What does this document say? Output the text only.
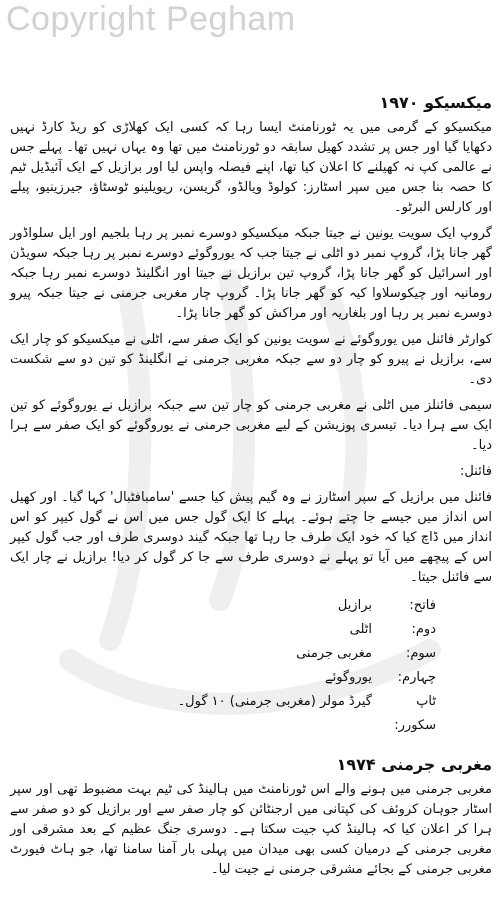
Copyright Pegham
میکسیکو ۱۹۷۰

میکسیکو کے گرمی میں یہ ٹورنامنٹ ایسا رہا کہ کسی ایک کھلاڑی کو ریڈ کارڈ نہیں دکھایا گیا اور جس پر تشدد کھیل سابقہ دو ٹورنامنٹ میں تھا وہ یہاں نہیں تھا۔ پہلے جس نے عالمی کپ نہ کھیلنے کا اعلان کیا تھا، اپنے فیصلہ واپس لیا اور برازیل کے ایک آئیڈیل ٹیم کا حصہ بنا جس میں سپر اسٹارز: کولوڈ ویالڈو، گریسن، ریویلینو ٹوسٹاؤ، جیرزینیو، پیلے اور کارلس البرٹو۔

گروپ ایک سویت یونین نے جیتا جبکہ میکسیکو دوسرے نمبر پر رہا بلجیم اور ایل سلواڈور گھر جانا پڑا، گروپ نمبر دو اٹلی نے جیتا جب کہ یوروگوئے دوسرے نمبر پر رہا جبکہ سویڈن اور اسرائیل کو گھر جانا پڑا، گروپ تین برازیل نے جیتا اور انگلینڈ دوسرے نمبر رہا جبکہ رومانیہ اور چیکوسلاوا کیہ کو گھر جانا پڑا۔ گروپ چار مغربی جرمنی نے جیتا جبکہ پیرو دوسرے نمبر پر رہا اور بلغاریہ اور مراکش کو گھر جانا پڑا۔

کوارٹر فائنل میں یوروگوئے نے سویت یونین کو ایک صفر سے، اٹلی نے میکسیکو کو چار ایک سے، برازیل نے پیرو کو چار دو سے جبکہ مغربی جرمنی نے انگلینڈ کو تین دو سے شکست دی۔

سیمی فائنلز میں اٹلی نے مغربی جرمنی کو چار تین سے جبکہ برازیل نے یوروگوئے کو تین ایک سے ہرا دیا۔ تیسری پوزیشن کے لیے مغربی جرمنی نے یوروگوئے کو ایک صفر سے ہرا دیا۔

فائنل:

فائنل میں برازیل کے سپر اسٹارز نے وہ گیم پیش کیا جسے 'سامبافٹبال' کہا گیا۔ اور کھیل اس انداز میں جیسے جا چتے ہوئے۔ پہلے کا ایک گول جس میں اس نے گول کیپر کو اس انداز میں ڈاچ کیا کہ خود ایک طرف جا رہا تھا جبکہ گیند دوسری طرف اور جب گول کیپر اس کے پیچھے میں آیا تو پہلے نے دوسری طرف سے جا کر گول کر دیا! برازیل نے چار ایک سے فائنل جیتا۔

فاتح:
برازیل
دوم:
اٹلی
سوم:
مغربی جرمنی
چہارم:
یوروگوئے
ٹاپ سکورر:
گیرڈ مولر (مغربی جرمنی) ۱۰ گول۔
مغربی جرمنی ۱۹۷۴

مغربی جرمنی میں ہونے والے اس ٹورنامنٹ میں ہالینڈ کی ٹیم بہت مضبوط تھی اور سپر اسٹار جوہان کروئف کی کپتانی میں ارجنٹائن کو چار صفر سے اور برازیل کو دو صفر سے ہرا کر اعلان کیا کہ ہالینڈ کپ جیت سکتا ہے۔ دوسری جنگ عظیم کے بعد مشرقی اور مغربی جرمنی کے درمیان کسی بھی میدان میں پہلی بار آمنا سامنا تھا، جو ہاٹ فیورٹ مغربی جرمنی کے بجائے مشرقی جرمنی نے جیت لیا۔
